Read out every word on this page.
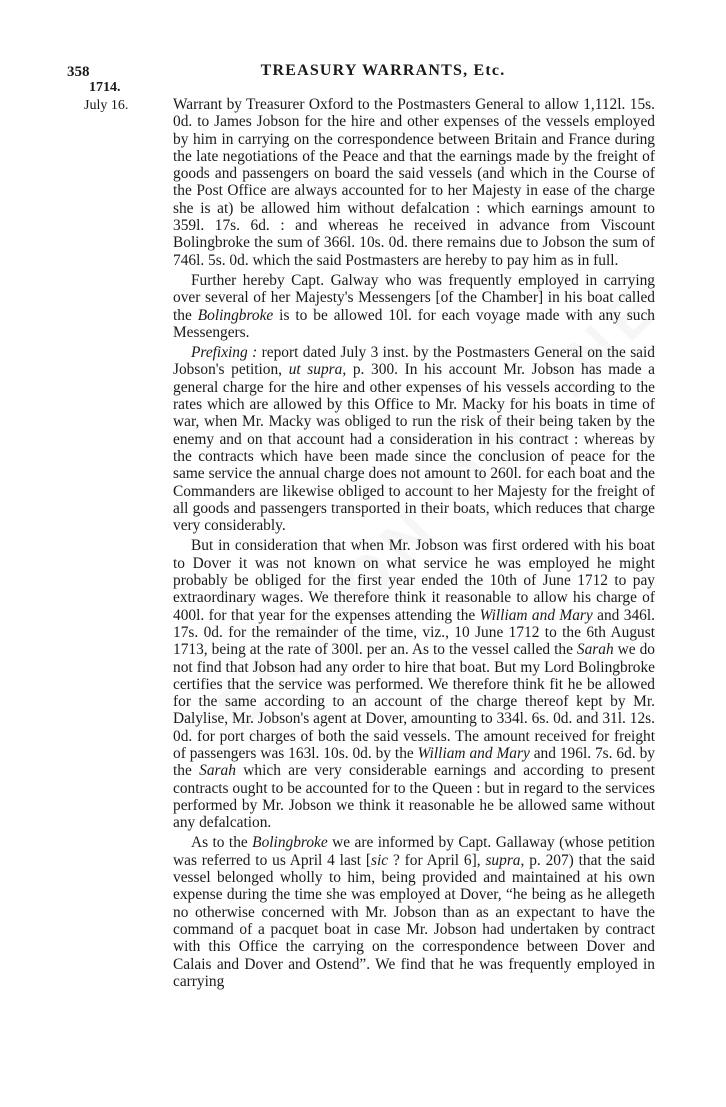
358	TREASURY WARRANTS, Etc.
1714.
July 16.	Warrant by Treasurer Oxford to the Postmasters General to allow 1,112l. 15s. 0d. to James Jobson for the hire and other expenses of the vessels employed by him in carrying on the correspondence between Britain and France during the late negotiations of the Peace and that the earnings made by the freight of goods and passengers on board the said vessels (and which in the Course of the Post Office are always accounted for to her Majesty in ease of the charge she is at) be allowed him without defalcation : which earnings amount to 359l. 17s. 6d. : and whereas he received in advance from Viscount Bolingbroke the sum of 366l. 10s. 0d. there remains due to Jobson the sum of 746l. 5s. 0d. which the said Postmasters are hereby to pay him as in full.

Further hereby Capt. Galway who was frequently employed in carrying over several of her Majesty's Messengers [of the Chamber] in his boat called the Bolingbroke is to be allowed 10l. for each voyage made with any such Messengers.

Prefixing : report dated July 3 inst. by the Postmasters General on the said Jobson's petition, ut supra, p. 300. In his account Mr. Jobson has made a general charge for the hire and other expenses of his vessels according to the rates which are allowed by this Office to Mr. Macky for his boats in time of war, when Mr. Macky was obliged to run the risk of their being taken by the enemy and on that account had a consideration in his contract : whereas by the contracts which have been made since the conclusion of peace for the same service the annual charge does not amount to 260l. for each boat and the Commanders are likewise obliged to account to her Majesty for the freight of all goods and passengers transported in their boats, which reduces that charge very considerably.

But in consideration that when Mr. Jobson was first ordered with his boat to Dover it was not known on what service he was employed he might probably be obliged for the first year ended the 10th of June 1712 to pay extraordinary wages. We therefore think it reasonable to allow his charge of 400l. for that year for the expenses attending the William and Mary and 346l. 17s. 0d. for the remainder of the time, viz., 10 June 1712 to the 6th August 1713, being at the rate of 300l. per an. As to the vessel called the Sarah we do not find that Jobson had any order to hire that boat. But my Lord Bolingbroke certifies that the service was performed. We therefore think fit he be allowed for the same according to an account of the charge thereof kept by Mr. Dalylise, Mr. Jobson's agent at Dover, amounting to 334l. 6s. 0d. and 31l. 12s. 0d. for port charges of both the said vessels. The amount received for freight of passengers was 163l. 10s. 0d. by the William and Mary and 196l. 7s. 6d. by the Sarah which are very considerable earnings and according to present contracts ought to be accounted for to the Queen : but in regard to the services performed by Mr. Jobson we think it reasonable he be allowed same without any defalcation.

As to the Bolingbroke we are informed by Capt. Gallaway (whose petition was referred to us April 4 last [sic ? for April 6], supra, p. 207) that the said vessel belonged wholly to him, being provided and maintained at his own expense during the time she was employed at Dover, “he being as he allegeth no otherwise concerned with Mr. Jobson than as an expectant to have the command of a pacquet boat in case Mr. Jobson had undertaken by contract with this Office the carrying on the correspondence between Dover and Calais and Dover and Ostend”. We find that he was frequently employed in carrying
